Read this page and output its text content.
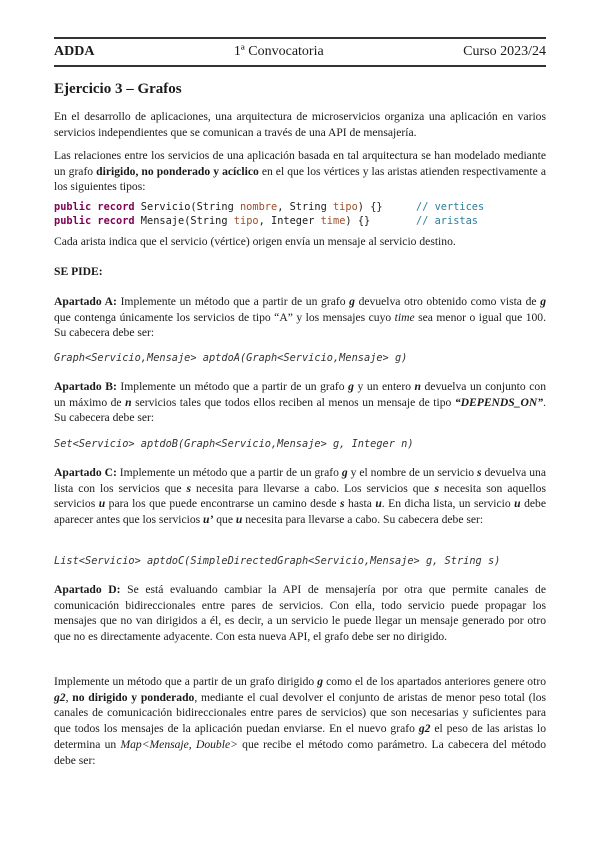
ADDA	1ª Convocatoria	Curso 2023/24
Ejercicio 3 – Grafos

En el desarrollo de aplicaciones, una arquitectura de microservicios organiza una aplicación en varios servicios independientes que se comunican a través de una API de mensajería.

Las relaciones entre los servicios de una aplicación basada en tal arquitectura se han modelado mediante un grafo dirigido, no ponderado y acíclico en el que los vértices y las aristas atienden respectivamente a los siguientes tipos:

public record Servicio(String nombre, String tipo) {}	// vertices
public record Mensaje(String tipo, Integer time) {}	// aristas

Cada arista indica que el servicio (vértice) origen envía un mensaje al servicio destino.

SE PIDE:

Apartado A: Implemente un método que a partir de un grafo g devuelva otro obtenido como vista de g que contenga únicamente los servicios de tipo “A” y los mensajes cuyo time sea menor o igual que 100. Su cabecera debe ser:

Graph<Servicio,Mensaje> aptdoA(Graph<Servicio,Mensaje> g)

Apartado B: Implemente un método que a partir de un grafo g y un entero n devuelva un conjunto con un máximo de n servicios tales que todos ellos reciben al menos un mensaje de tipo “DEPENDS_ON”. Su cabecera debe ser:

Set<Servicio> aptdoB(Graph<Servicio,Mensaje> g, Integer n)

Apartado C: Implemente un método que a partir de un grafo g y el nombre de un servicio s devuelva una lista con los servicios que s necesita para llevarse a cabo. Los servicios que s necesita son aquellos servicios u para los que puede encontrarse un camino desde s hasta u. En dicha lista, un servicio u debe aparecer antes que los servicios u’ que u necesita para llevarse a cabo. Su cabecera debe ser:

List<Servicio> aptdoC(SimpleDirectedGraph<Servicio,Mensaje> g, String s)

Apartado D: Se está evaluando cambiar la API de mensajería por otra que permite canales de comunicación bidireccionales entre pares de servicios. Con ella, todo servicio puede propagar los mensajes que no van dirigidos a él, es decir, a un servicio le puede llegar un mensaje generado por otro que no es directamente adyacente. Con esta nueva API, el grafo debe ser no dirigido.

Implemente un método que a partir de un grafo dirigido g como el de los apartados anteriores genere otro g2, no dirigido y ponderado, mediante el cual devolver el conjunto de aristas de menor peso total (los canales de comunicación bidireccionales entre pares de servicios) que son necesarias y suficientes para que todos los mensajes de la aplicación puedan enviarse. En el nuevo grafo g2 el peso de las aristas lo determina un Map<Mensaje, Double> que recibe el método como parámetro. La cabecera del método debe ser:
